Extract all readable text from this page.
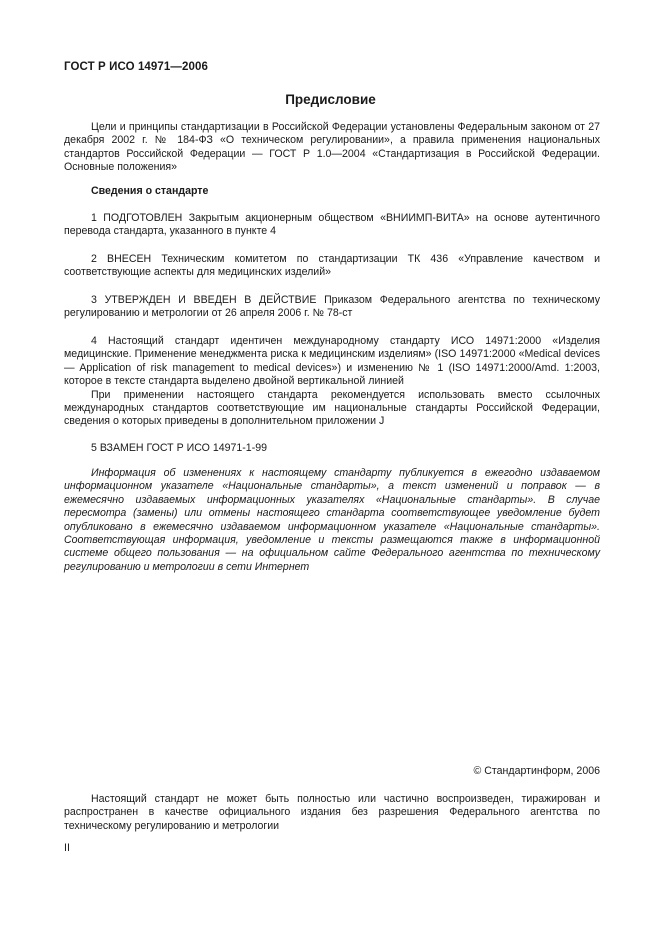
ГОСТ Р ИСО 14971—2006
Предисловие

Цели и принципы стандартизации в Российской Федерации установлены Федеральным законом от 27 декабря 2002 г. № 184-ФЗ «О техническом регулировании», а правила применения национальных стандартов Российской Федерации — ГОСТ Р 1.0—2004 «Стандартизация в Российской Федерации. Основные положения»

Сведения о стандарте

1 ПОДГОТОВЛЕН Закрытым акционерным обществом «ВНИИМП-ВИТА» на основе аутентичного перевода стандарта, указанного в пункте 4

2 ВНЕСЕН Техническим комитетом по стандартизации ТК 436 «Управление качеством и соответствующие аспекты для медицинских изделий»

3 УТВЕРЖДЕН И ВВЕДЕН В ДЕЙСТВИЕ Приказом Федерального агентства по техническому регулированию и метрологии от 26 апреля 2006 г. № 78-ст

4 Настоящий стандарт идентичен международному стандарту ИСО 14971:2000 «Изделия медицинские. Применение менеджмента риска к медицинским изделиям» (ISO 14971:2000 «Medical devices — Application of risk management to medical devices») и изменению № 1 (ISO 14971:2000/Amd. 1:2003, которое в тексте стандарта выделено двойной вертикальной линией

При применении настоящего стандарта рекомендуется использовать вместо ссылочных международных стандартов соответствующие им национальные стандарты Российской Федерации, сведения о которых приведены в дополнительном приложении J

5 ВЗАМЕН ГОСТ Р ИСО 14971-1-99

Информация об изменениях к настоящему стандарту публикуется в ежегодно издаваемом информационном указателе «Национальные стандарты», а текст изменений и поправок — в ежемесячно издаваемых информационных указателях «Национальные стандарты». В случае пересмотра (замены) или отмены настоящего стандарта соответствующее уведомление будет опубликовано в ежемесячно издаваемом информационном указателе «Национальные стандарты». Соответствующая информация, уведомление и тексты размещаются также в информационной системе общего пользования — на официальном сайте Федерального агентства по техническому регулированию и метрологии в сети Интернет

© Стандартинформ, 2006

Настоящий стандарт не может быть полностью или частично воспроизведен, тиражирован и распространен в качестве официального издания без разрешения Федерального агентства по техническому регулированию и метрологии

II
